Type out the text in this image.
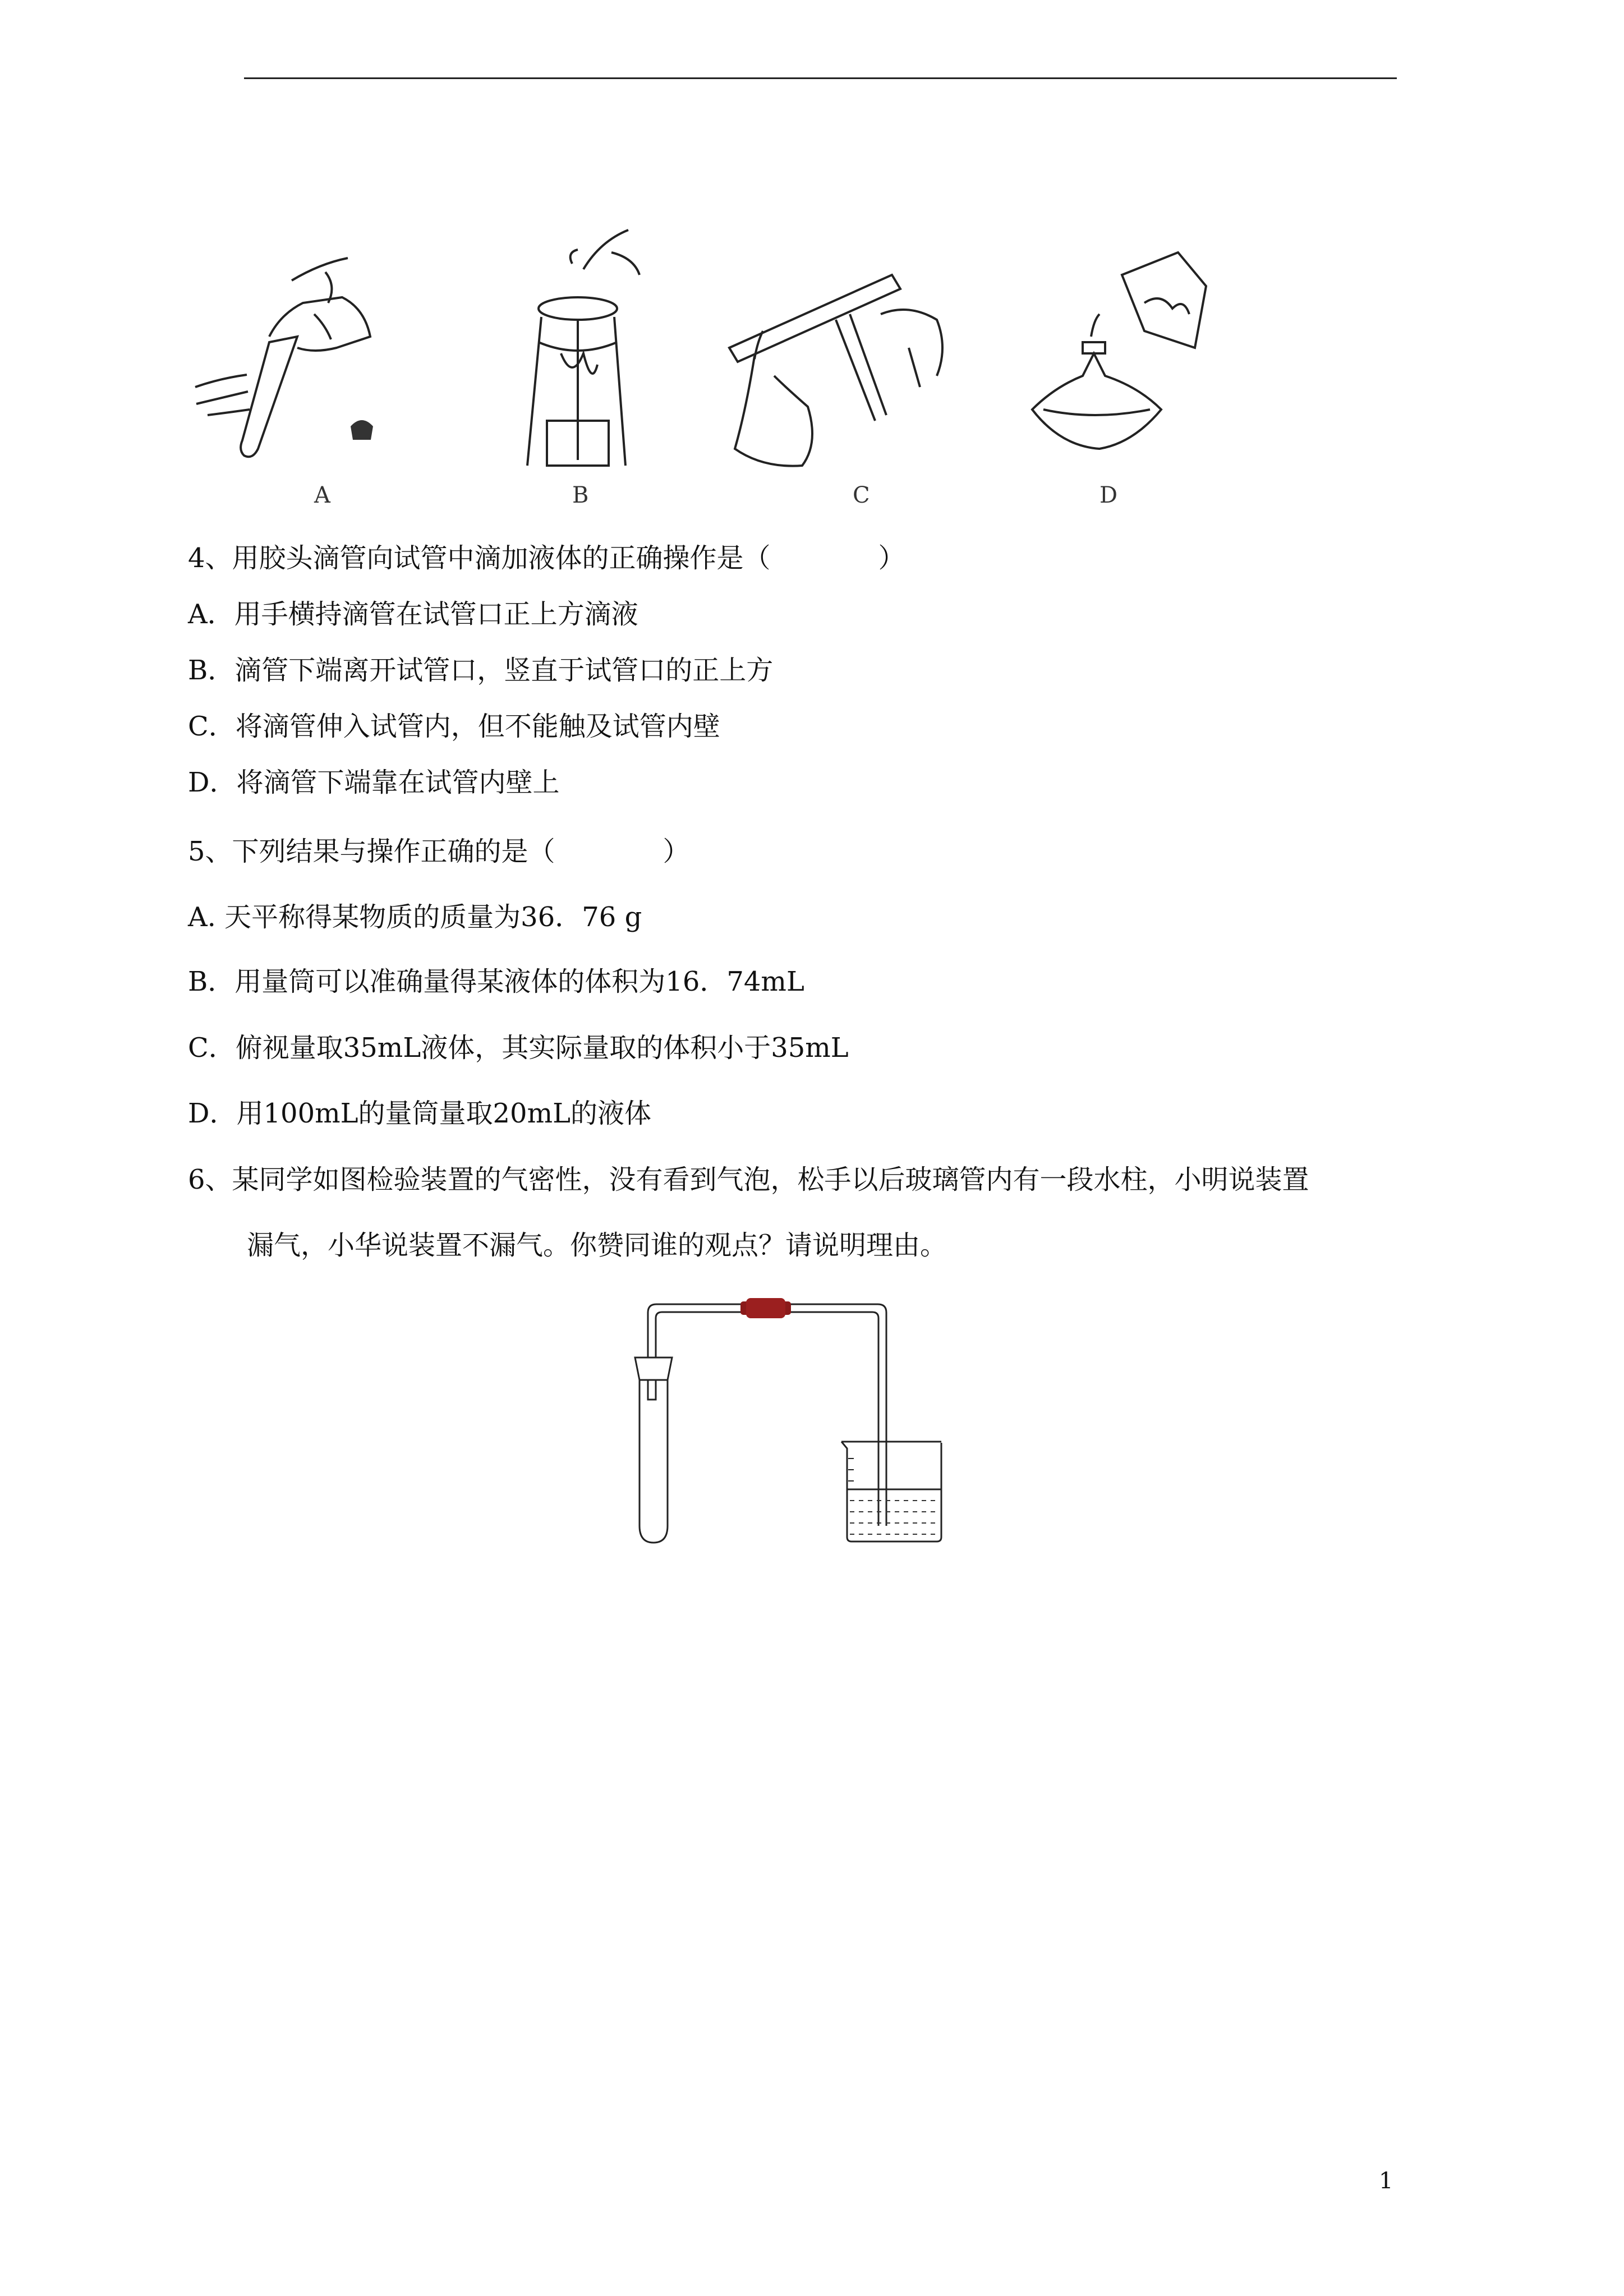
A	B	C	D
4、用胶头滴管向试管中滴加液体的正确操作是（　　　　）
A．用手横持滴管在试管口正上方滴液
B．滴管下端离开试管口，竖直于试管口的正上方
C．将滴管伸入试管内，但不能触及试管内壁
D．将滴管下端靠在试管内壁上
5、下列结果与操作正确的是（　　　　）
A. 天平称得某物质的质量为36．76 g
B．用量筒可以准确量得某液体的体积为16．74mL
C．俯视量取35mL液体，其实际量取的体积小于35mL
D．用100mL的量筒量取20mL的液体
6、某同学如图检验装置的气密性，没有看到气泡，松手以后玻璃管内有一段水柱，小明说装置
漏气，小华说装置不漏气。你赞同谁的观点？请说明理由。
1
